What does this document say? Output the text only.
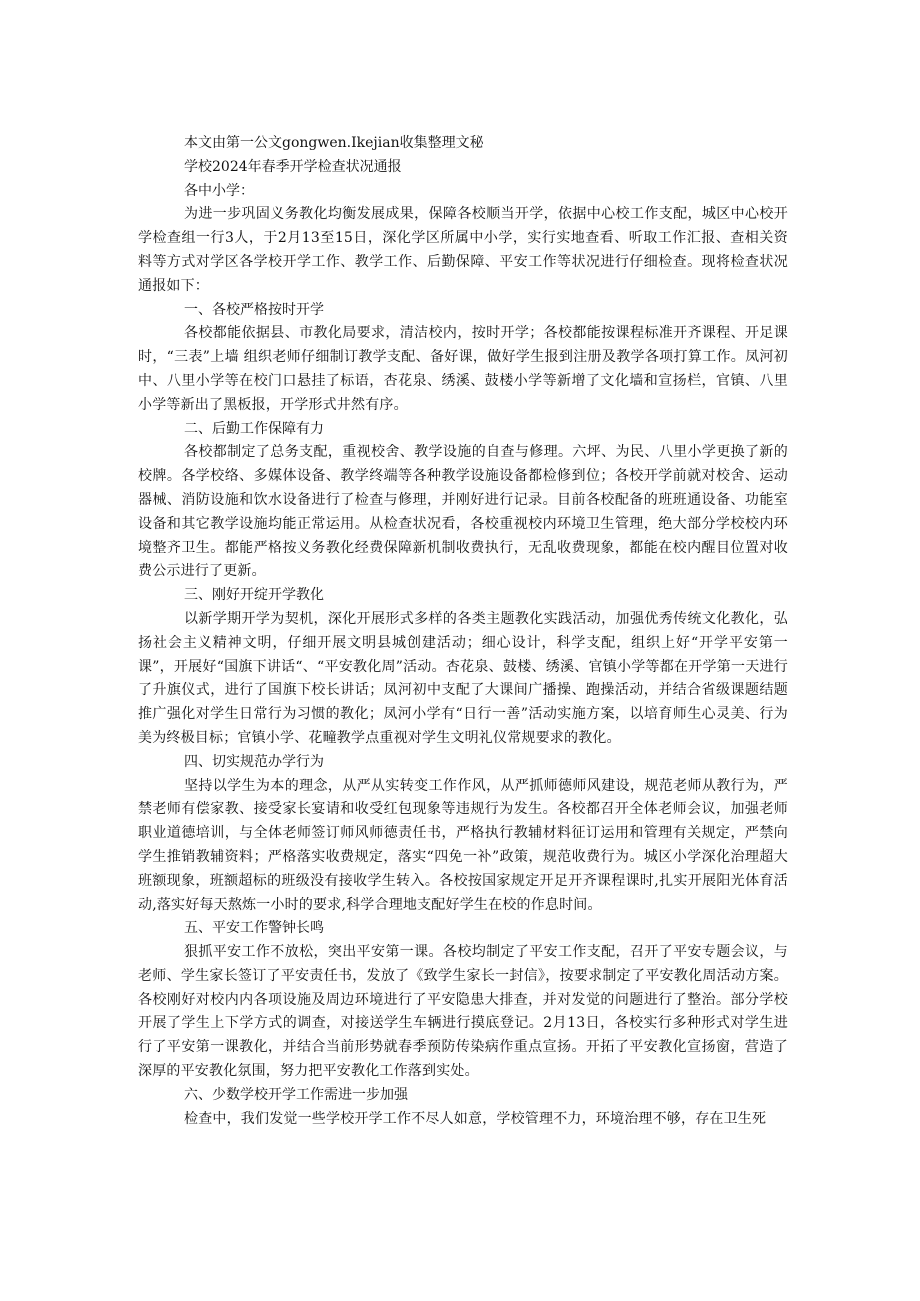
本文由第一公文gongwen.Ikejian收集整理文秘

学校2024年春季开学检查状况通报

各中小学：

为进一步巩固义务教化均衡发展成果，保障各校顺当开学，依据中心校工作支配，城区中心校开学检查组一行3人，于2月13至15日，深化学区所属中小学，实行实地查看、听取工作汇报、查相关资料等方式对学区各学校开学工作、教学工作、后勤保障、平安工作等状况进行仔细检查。现将检查状况通报如下：

一、各校严格按时开学

各校都能依据县、市教化局要求，清洁校内，按时开学；各校都能按课程标准开齐课程、开足课时，“三表”上墙 组织老师仔细制订教学支配、备好课，做好学生报到注册及教学各项打算工作。凤河初中、八里小学等在校门口悬挂了标语，杏花泉、绣溪、鼓楼小学等新增了文化墙和宣扬栏，官镇、八里小学等新出了黑板报，开学形式井然有序。

二、后勤工作保障有力

各校都制定了总务支配，重视校舍、教学设施的自查与修理。六坪、为民、八里小学更换了新的校牌。各学校络、多媒体设备、教学终端等各种教学设施设备都检修到位；各校开学前就对校舍、运动器械、消防设施和饮水设备进行了检查与修理，并刚好进行记录。目前各校配备的班班通设备、功能室设备和其它教学设施均能正常运用。从检查状况看，各校重视校内环境卫生管理，绝大部分学校校内环境整齐卫生。都能严格按义务教化经费保障新机制收费执行，无乱收费现象，都能在校内醒目位置对收费公示进行了更新。

三、刚好开绽开学教化

以新学期开学为契机，深化开展形式多样的各类主题教化实践活动，加强优秀传统文化教化，弘扬社会主义精神文明，仔细开展文明县城创建活动；细心设计，科学支配，组织上好“开学平安第一课”，开展好“国旗下讲话“、“平安教化周”活动。杏花泉、鼓楼、绣溪、官镇小学等都在开学第一天进行了升旗仪式，进行了国旗下校长讲话；凤河初中支配了大课间广播操、跑操活动，并结合省级课题结题推广强化对学生日常行为习惯的教化；凤河小学有“日行一善”活动实施方案，以培育师生心灵美、行为美为终极目标；官镇小学、花疃教学点重视对学生文明礼仪常规要求的教化。

四、切实规范办学行为

坚持以学生为本的理念，从严从实转变工作作风，从严抓师德师风建设，规范老师从教行为，严禁老师有偿家教、接受家长宴请和收受红包现象等违规行为发生。各校都召开全体老师会议，加强老师职业道德培训，与全体老师签订师风师德责任书，严格执行教辅材料征订运用和管理有关规定，严禁向学生推销教辅资料；严格落实收费规定，落实“四免一补”政策，规范收费行为。城区小学深化治理超大班额现象，班额超标的班级没有接收学生转入。各校按国家规定开足开齐课程课时,扎实开展阳光体育活动,落实好每天熬炼一小时的要求,科学合理地支配好学生在校的作息时间。

五、平安工作警钟长鸣

狠抓平安工作不放松，突出平安第一课。各校均制定了平安工作支配，召开了平安专题会议，与老师、学生家长签订了平安责任书，发放了《致学生家长一封信》，按要求制定了平安教化周活动方案。各校刚好对校内内各项设施及周边环境进行了平安隐患大排查，并对发觉的问题进行了整治。部分学校开展了学生上下学方式的调查，对接送学生车辆进行摸底登记。2月13日，各校实行多种形式对学生进行了平安第一课教化，并结合当前形势就春季预防传染病作重点宣扬。开拓了平安教化宣扬窗，营造了深厚的平安教化氛围，努力把平安教化工作落到实处。

六、少数学校开学工作需进一步加强

检查中，我们发觉一些学校开学工作不尽人如意，学校管理不力，环境治理不够，存在卫生死
